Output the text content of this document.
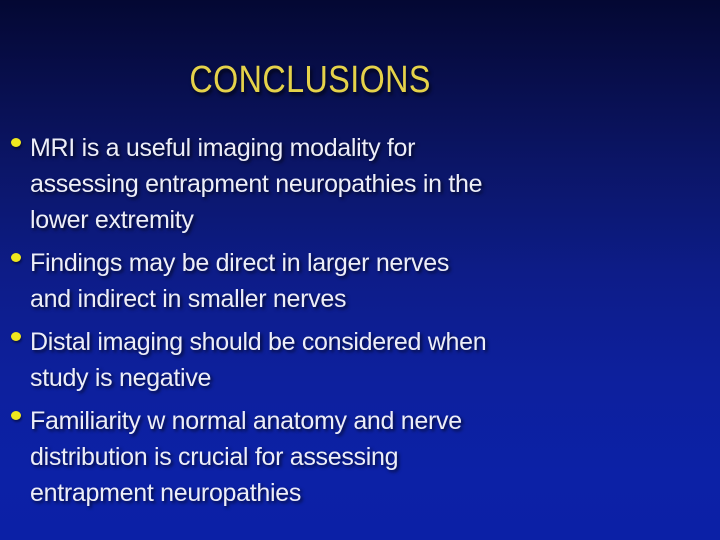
CONCLUSIONS
MRI is a useful imaging modality for
assessing entrapment neuropathies in the
lower extremity
Findings may be direct in larger nerves
and indirect in smaller nerves
Distal imaging should be considered when
study is negative
Familiarity w normal anatomy and nerve
distribution is crucial for assessing
entrapment neuropathies
